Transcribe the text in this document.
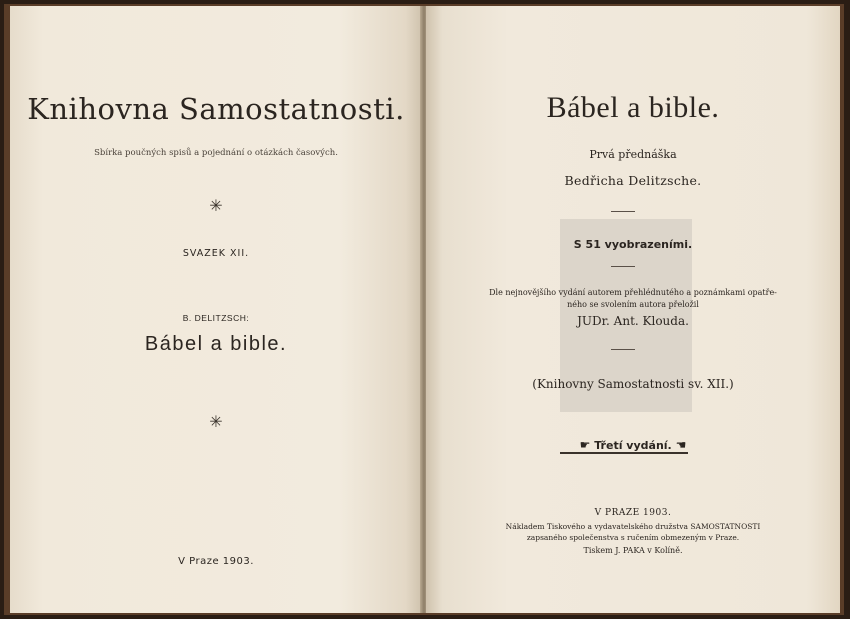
Knihovna Samostatnosti.
Sbírka poučných spisů a pojednání o otázkách časových.
✳
SVAZEK XII.
B. DELITZSCH:
Bábel a bible.
✳
V Praze 1903.
Bábel a bible.
Prvá přednáška
Bedřicha Delitzsche.
S 51 vyobrazeními.
Dle nejnovějšího vydání autorem přehlédnutého a poznámkami opatře-
ného se svolením autora přeložil
JUDr. Ant. Klouda.
(Knihovny Samostatnosti sv. XII.)
☛ Třetí vydání. ☚
V PRAZE 1903.
Nákladem Tiskového a vydavatelského družstva SAMOSTATNOSTI
zapsaného společenstva s ručením obmezeným v Praze.
Tiskem J. PAKA v Kolíně.
